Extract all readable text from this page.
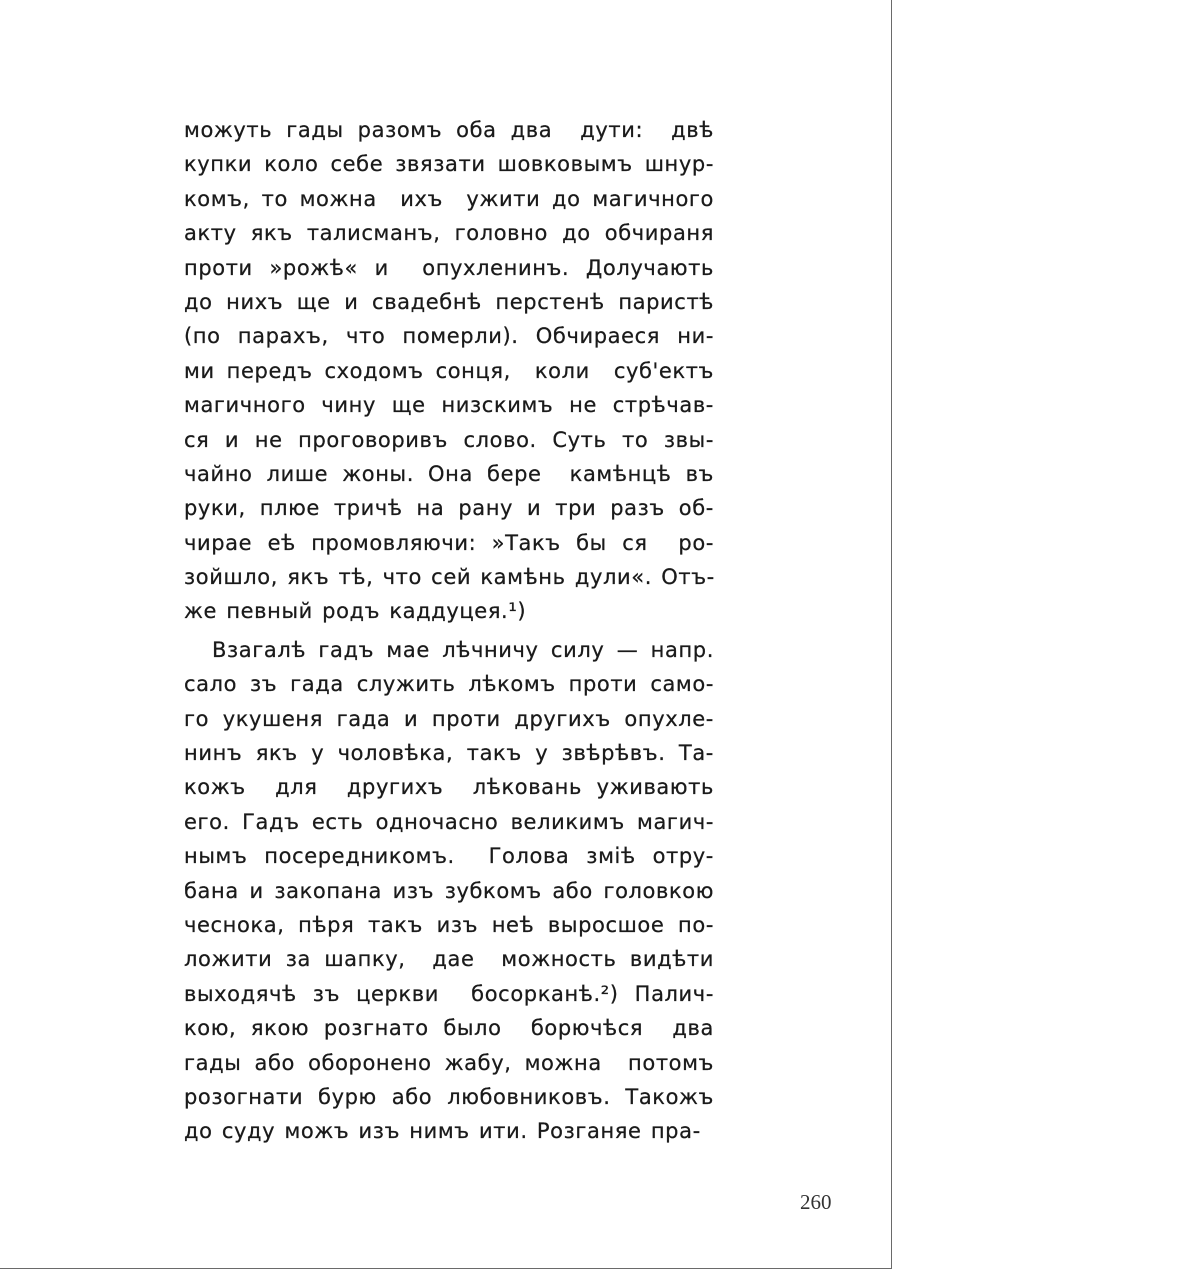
можуть гады разомъ оба два  дути:  двѣ
купки коло себе звязати шовковымъ шнур-
комъ, то можна  ихъ  ужити до магичного
акту якъ талисманъ, головно до обчираня
проти »рожѣ« и  опухленинъ. Долучають
до нихъ ще и свадебнѣ перстенѣ паристѣ
(по парахъ, что померли). Обчираеся ни-
ми передъ сходомъ сонця,  коли  суб'ектъ
магичного чину ще низскимъ не стрѣчав-
ся и не проговоривъ слово. Суть то звы-
чайно лише жоны. Она бере  камѣнцѣ въ
руки, плюе тричѣ на рану и три разъ об-
чирае еѣ промовляючи: »Такъ бы ся  ро-
зойшло, якъ тѣ, что сей камѣнь дули«. Отъ-
же певный родъ каддуцея.¹)
Взагалѣ гадъ мае лѣчничу силу — напр.
сало зъ гада служить лѣкомъ проти само-
го укушеня гада и проти другихъ опухле-
нинъ якъ у чоловѣка, такъ у звѣрѣвъ. Та-
кожъ  для  другихъ  лѣковань уживають
его. Гадъ есть одночасно великимъ магич-
нымъ посередникомъ.  Голова змiѣ отру-
бана и закопана изъ зубкомъ або головкою
чеснока, пѣря такъ изъ неѣ выросшое по-
ложити за шапку,  дае  можность видѣти
выходячѣ зъ церкви  босорканѣ.²) Палич-
кою, якою розгнато было  борючѣся  два
гады або оборонено жабу, можна  потомъ
розогнати бурю або любовниковъ. Такожъ
до суду можъ изъ нимъ ити. Розганяе пра-
260
